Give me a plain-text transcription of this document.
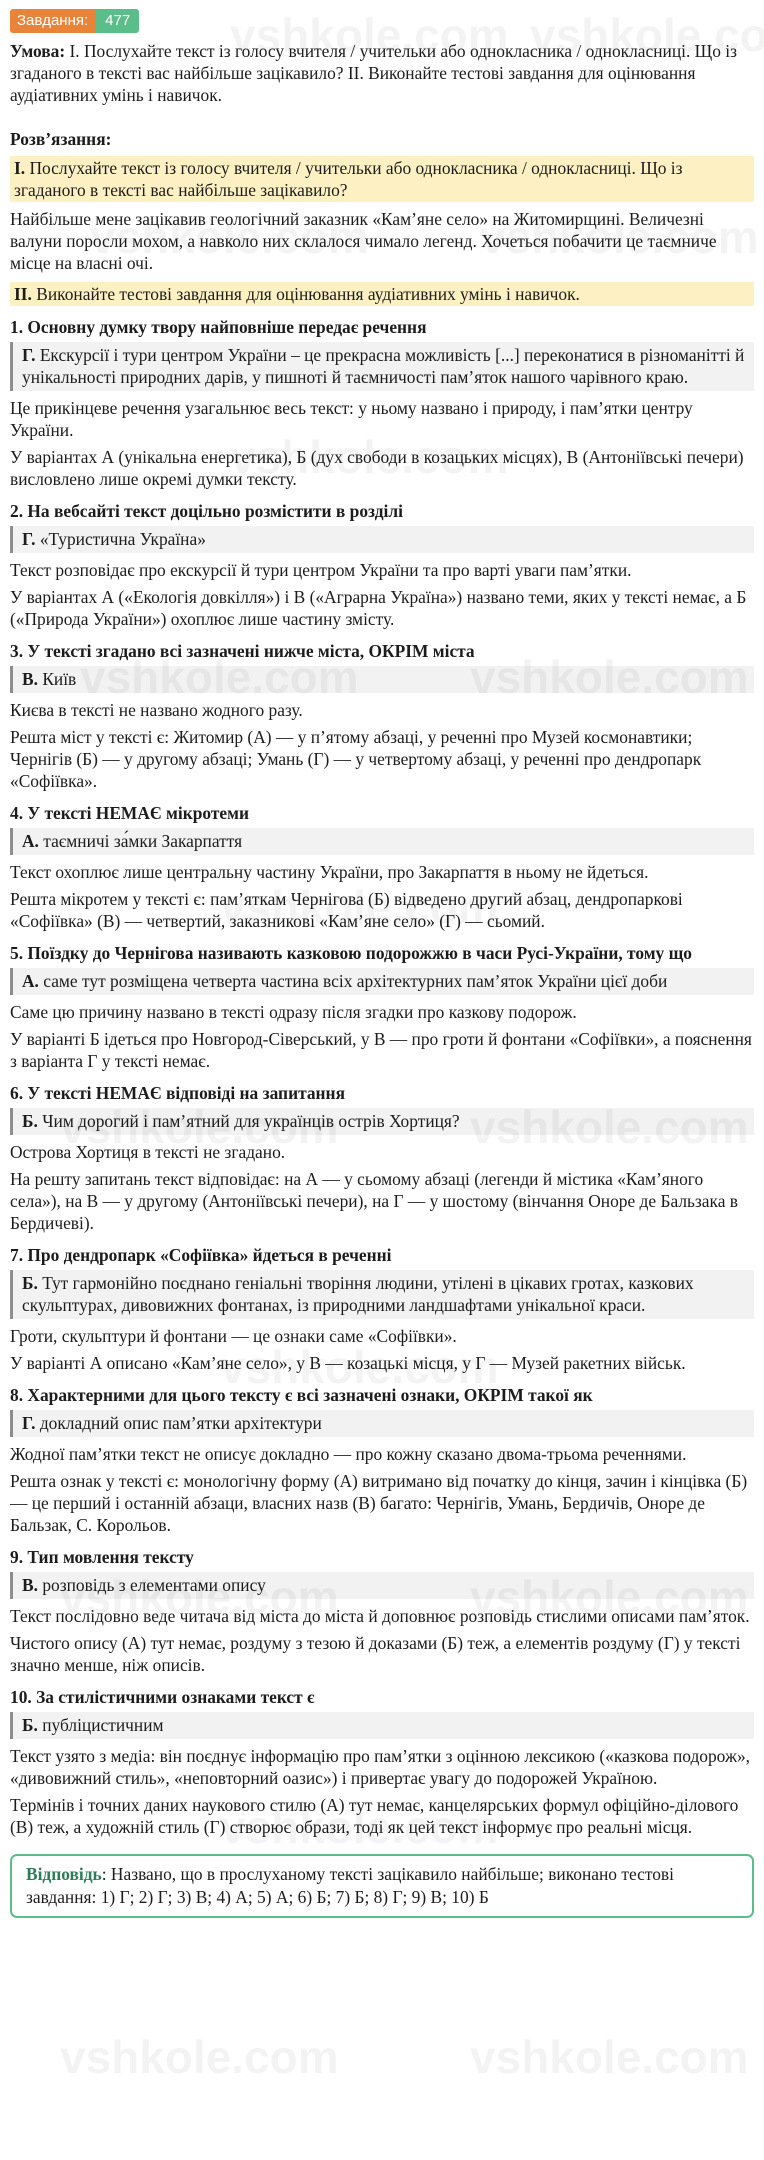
Завдання:	477

Умова: I. Послухайте текст із голосу вчителя / учительки або однокласника / однокласниці. Що із згаданого в тексті вас найбільше зацікавило? II. Виконайте тестові завдання для оцінювання аудіативних умінь і навичок.

Розв’язання:
I. Послухайте текст із голосу вчителя / учительки або однокласника / однокласниці. Що із згаданого в тексті вас найбільше зацікавило?

Найбільше мене зацікавив геологічний заказник «Кам’яне село» на Житомирщині. Величезні валуни поросли мохом, а навколо них склалося чимало легенд. Хочеться побачити це таємниче місце на власні очі.

II. Виконайте тестові завдання для оцінювання аудіативних умінь і навичок.
1. Основну думку твору найповніше передає речення
Г. Екскурсії і тури центром України – це прекрасна можливість [...] переконатися в різноманітті й унікальності природних дарів, у пишноті й таємничості пам’яток нашого чарівного краю.

Це прикінцеве речення узагальнює весь текст: у ньому названо і природу, і пам’ятки центру України.

У варіантах А (унікальна енергетика), Б (дух свободи в козацьких місцях), В (Антоніївські печери) висловлено лише окремі думки тексту.

2. На вебсайті текст доцільно розмістити в розділі
Г. «Туристична Україна»

Текст розповідає про екскурсії й тури центром України та про варті уваги пам’ятки.

У варіантах А («Екологія довкілля») і В («Аграрна Україна») названо теми, яких у тексті немає, а Б («Природа України») охоплює лише частину змісту.

3. У тексті згадано всі зазначені нижче міста, ОКРІМ міста
В. Київ

Києва в тексті не названо жодного разу.

Решта міст у тексті є: Житомир (А) — у п’ятому абзаці, у реченні про Музей космонавтики; Чернігів (Б) — у другому абзаці; Умань (Г) — у четвертому абзаці, у реченні про дендропарк «Софіївка».

4. У тексті НЕМАЄ мікротеми
А. таємничі за́мки Закарпаття

Текст охоплює лише центральну частину України, про Закарпаття в ньому не йдеться.

Решта мікротем у тексті є: пам’яткам Чернігова (Б) відведено другий абзац, дендропаркові «Софіївка» (В) — четвертий, заказникові «Кам’яне село» (Г) — сьомий.

5. Поїздку до Чернігова називають казковою подорожжю в часи Русі-України, тому що
А. саме тут розміщена четверта частина всіх архітектурних пам’яток України цієї доби

Саме цю причину названо в тексті одразу після згадки про казкову подорож.

У варіанті Б ідеться про Новгород-Сіверський, у В — про гроти й фонтани «Софіївки», а пояснення з варіанта Г у тексті немає.

6. У тексті НЕМАЄ відповіді на запитання
Б. Чим дорогий і пам’ятний для українців острів Хортиця?

Острова Хортиця в тексті не згадано.

На решту запитань текст відповідає: на А — у сьомому абзаці (легенди й містика «Кам’яного села»), на В — у другому (Антоніївські печери), на Г — у шостому (вінчання Оноре де Бальзака в Бердичеві).

7. Про дендропарк «Софіївка» йдеться в реченні
Б. Тут гармонійно поєднано геніальні творіння людини, утілені в цікавих гротах, казкових скульптурах, дивовижних фонтанах, із природними ландшафтами унікальної краси.

Гроти, скульптури й фонтани — це ознаки саме «Софіївки».

У варіанті А описано «Кам’яне село», у В — козацькі місця, у Г — Музей ракетних військ.

8. Характерними для цього тексту є всі зазначені ознаки, ОКРІМ такої як
Г. докладний опис пам’ятки архітектури

Жодної пам’ятки текст не описує докладно — про кожну сказано двома-трьома реченнями.

Решта ознак у тексті є: монологічну форму (А) витримано від початку до кінця, зачин і кінцівка (Б) — це перший і останній абзаци, власних назв (В) багато: Чернігів, Умань, Бердичів, Оноре де Бальзак, С. Корольов.

9. Тип мовлення тексту
В. розповідь з елементами опису

Текст послідовно веде читача від міста до міста й доповнює розповідь стислими описами пам’яток.

Чистого опису (А) тут немає, роздуму з тезою й доказами (Б) теж, а елементів роздуму (Г) у тексті значно менше, ніж описів.

10. За стилістичними ознаками текст є
Б. публіцистичним

Текст узято з медіа: він поєднує інформацію про пам’ятки з оцінною лексикою («казкова подорож», «дивовижний стиль», «неповторний оазис») і привертає увагу до подорожей Україною.

Термінів і точних даних наукового стилю (А) тут немає, канцелярських формул офіційно-ділового (В) теж, а художній стиль (Г) створює образи, тоді як цей текст інформує про реальні місця.

Відповідь: Названо, що в прослуханому тексті зацікавило найбільше; виконано тестові завдання: 1) Г; 2) Г; 3) В; 4) А; 5) А; 6) Б; 7) Б; 8) Г; 9) В; 10) Б
